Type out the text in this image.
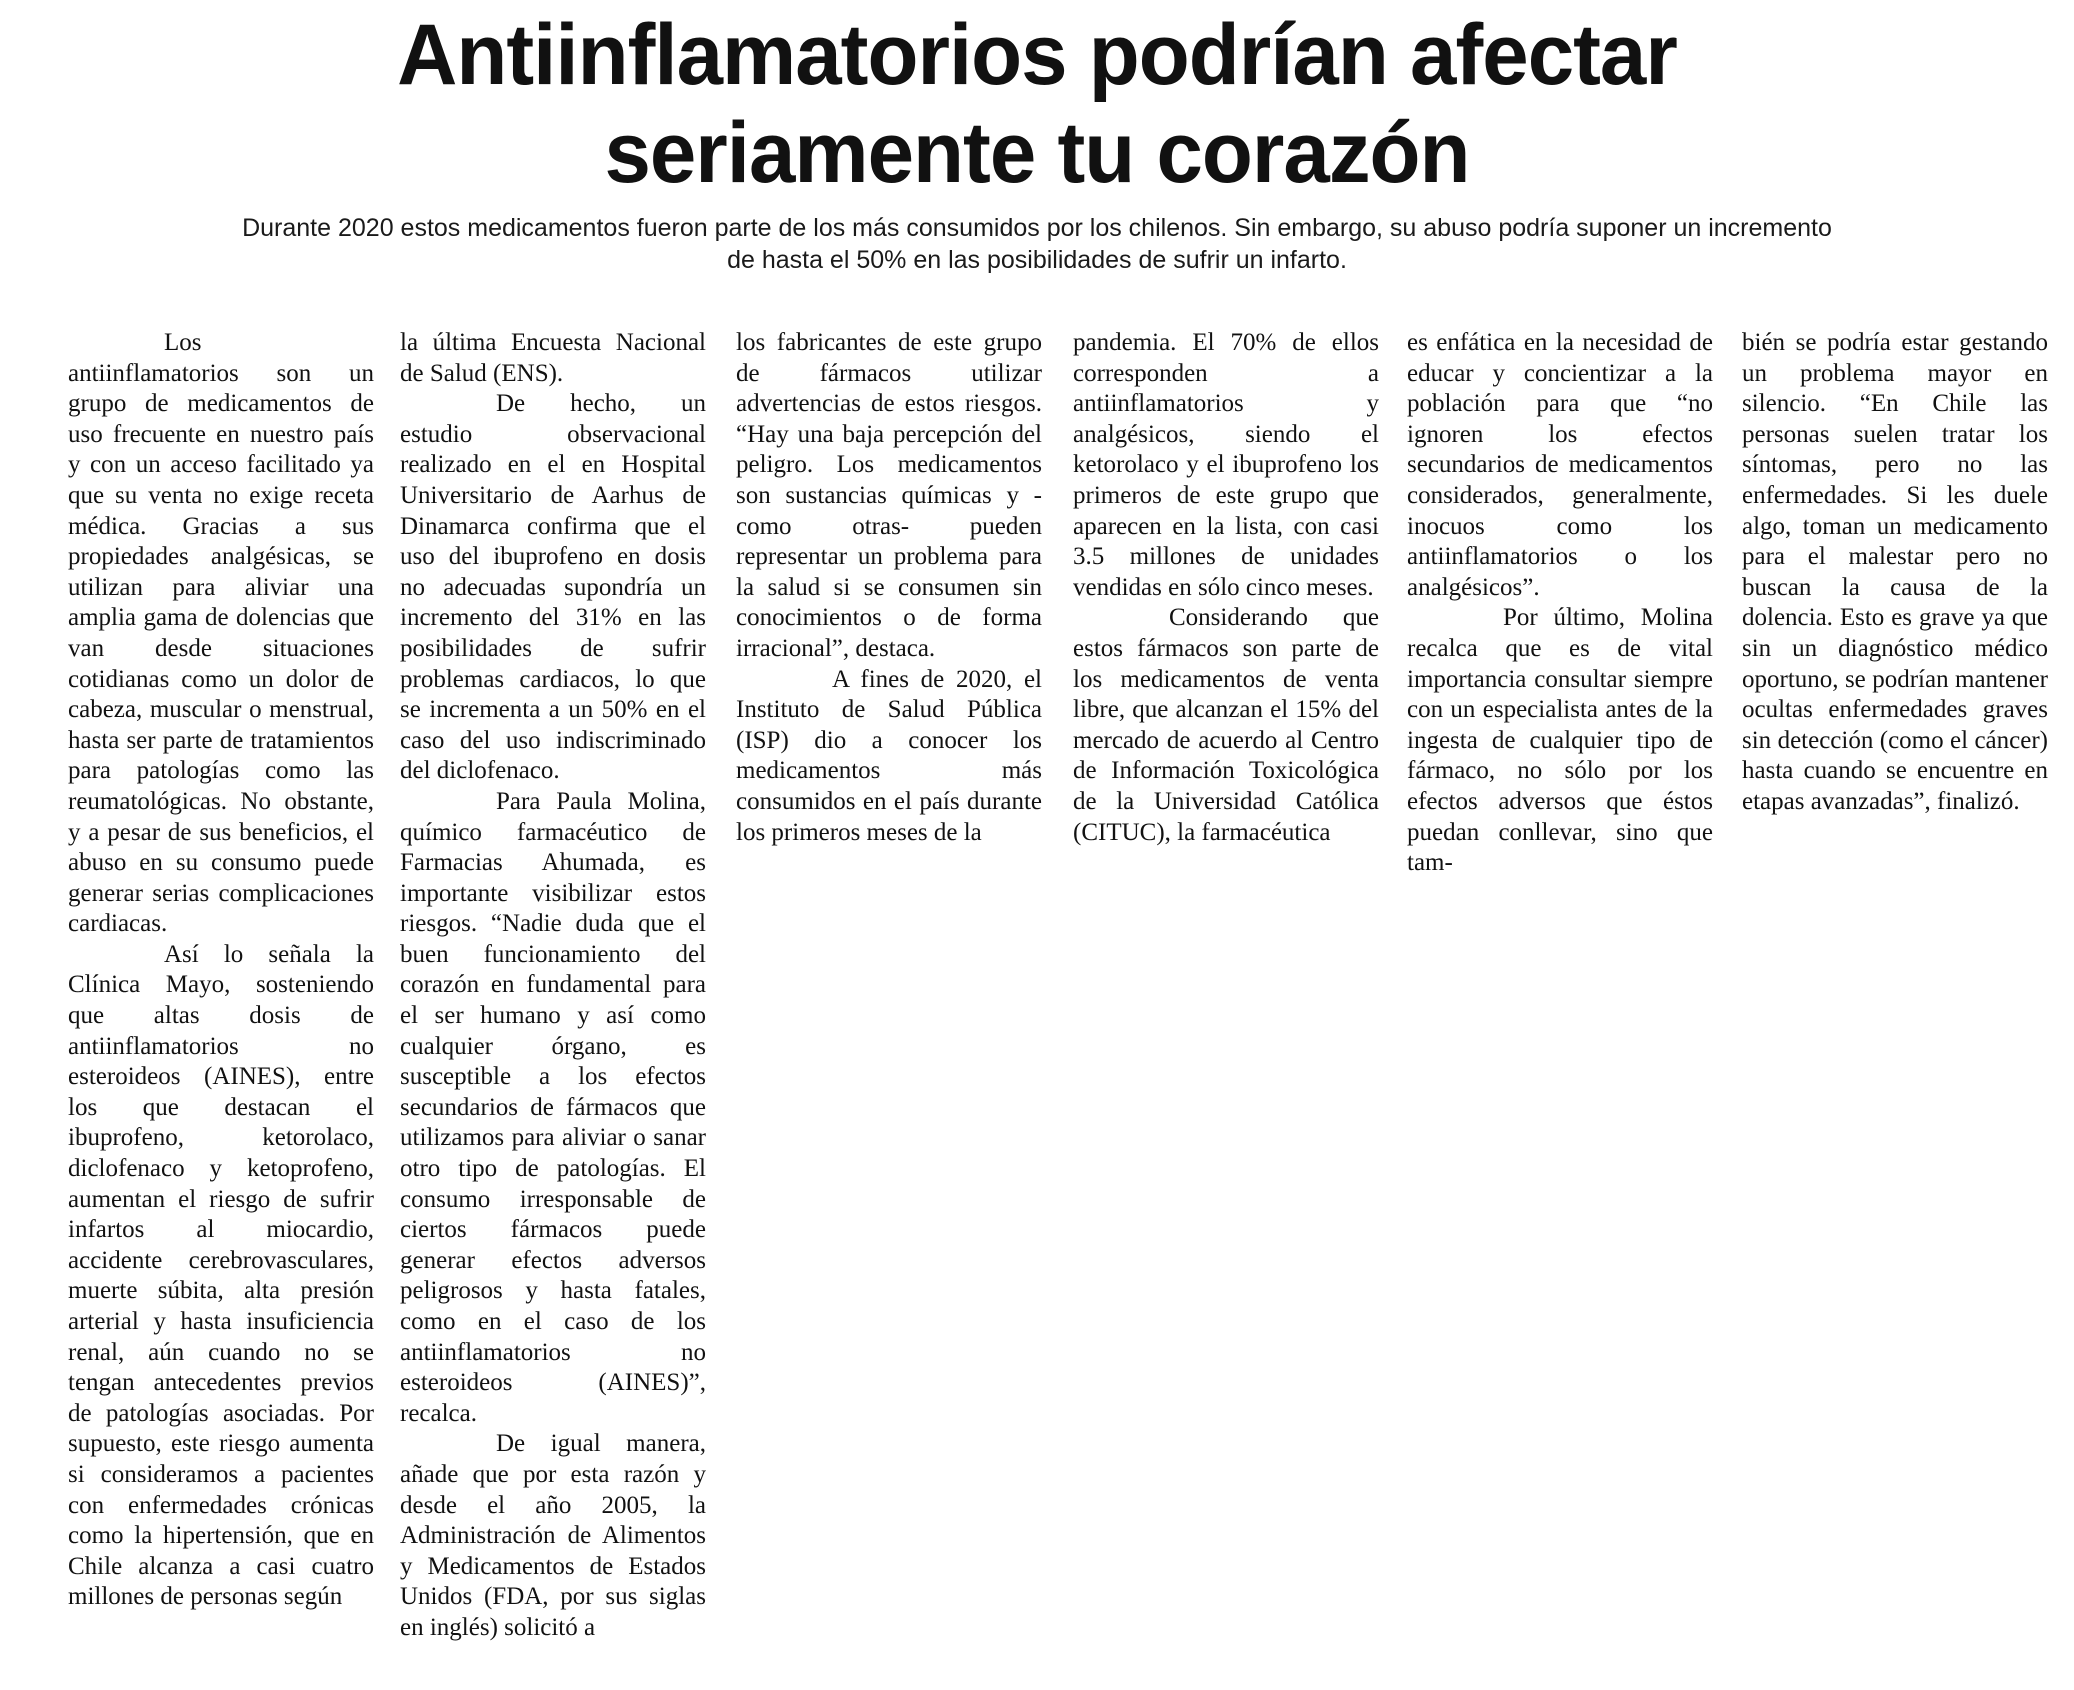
Antiinflamatorios podrían afectar
seriamente tu corazón

Durante 2020 estos medicamentos fueron parte de los más consumidos por los chilenos. Sin embargo, su abuso podría suponer un incremento
de hasta el 50% en las posibilidades de sufrir un infarto.

Los antiinflamatorios son un grupo de medicamentos de uso frecuente en nuestro país y con un acceso facilitado ya que su venta no exige receta médica. Gracias a sus propiedades analgésicas, se utilizan para aliviar una amplia gama de dolencias que van desde situaciones cotidianas como un dolor de cabeza, muscular o menstrual, hasta ser parte de tratamientos para patologías como las reumatológicas. No obstante, y a pesar de sus beneficios, el abuso en su consumo puede generar serias complicaciones cardiacas.

Así lo señala la Clínica Mayo, sosteniendo que altas dosis de antiinflamatorios no esteroideos (AINES), entre los que destacan el ibuprofeno, ketorolaco, diclofenaco y ketoprofeno, aumentan el riesgo de sufrir infartos al miocardio, accidente cerebrovasculares, muerte súbita, alta presión arterial y hasta insuficiencia renal, aún cuando no se tengan antecedentes previos de patologías asociadas. Por supuesto, este riesgo aumenta si consideramos a pacientes con enfermedades crónicas como la hipertensión, que en Chile alcanza a casi cuatro millones de personas según

la última Encuesta Nacional de Salud (ENS).

De hecho, un estudio observacional realizado en el en Hospital Universitario de Aarhus de Dinamarca confirma que el uso del ibuprofeno en dosis no adecuadas supondría un incremento del 31% en las posibilidades de sufrir problemas cardiacos, lo que se incrementa a un 50% en el caso del uso indiscriminado del diclofenaco.

Para Paula Molina, químico farmacéutico de Farmacias Ahumada, es importante visibilizar estos riesgos. “Nadie duda que el buen funcionamiento del corazón en fundamental para el ser humano y así como cualquier órgano, es susceptible a los efectos secundarios de fármacos que utilizamos para aliviar o sanar otro tipo de patologías. El consumo irresponsable de ciertos fármacos puede generar efectos adversos peligrosos y hasta fatales, como en el caso de los antiinflamatorios no esteroideos (AINES)”, recalca.

De igual manera, añade que por esta razón y desde el año 2005, la Administración de Alimentos y Medicamentos de Estados Unidos (FDA, por sus siglas en inglés) solicitó a

los fabricantes de este grupo de fármacos utilizar advertencias de estos riesgos. “Hay una baja percepción del peligro. Los medicamentos son sustancias químicas y -como otras- pueden representar un problema para la salud si se consumen sin conocimientos o de forma irracional”, destaca.

A fines de 2020, el Instituto de Salud Pública (ISP) dio a conocer los medicamentos más consumidos en el país durante los primeros meses de la

pandemia. El 70% de ellos corresponden a antiinflamatorios y analgésicos, siendo el ketorolaco y el ibuprofeno los primeros de este grupo que aparecen en la lista, con casi 3.5 millones de unidades vendidas en sólo cinco meses.

Considerando que estos fármacos son parte de los medicamentos de venta libre, que alcanzan el 15% del mercado de acuerdo al Centro de Información Toxicológica de la Universidad Católica (CITUC), la farmacéutica

es enfática en la necesidad de educar y concientizar a la población para que “no ignoren los efectos secundarios de medicamentos considerados, generalmente, inocuos como los antiinflamatorios o los analgésicos”.

Por último, Molina recalca que es de vital importancia consultar siempre con un especialista antes de la ingesta de cualquier tipo de fármaco, no sólo por los efectos adversos que éstos puedan conllevar, sino que tam-

bién se podría estar gestando un problema mayor en silencio. “En Chile las personas suelen tratar los síntomas, pero no las enfermedades. Si les duele algo, toman un medicamento para el malestar pero no buscan la causa de la dolencia. Esto es grave ya que sin un diagnóstico médico oportuno, se podrían mantener ocultas enfermedades graves sin detección (como el cáncer) hasta cuando se encuentre en etapas avanzadas”, finalizó.
